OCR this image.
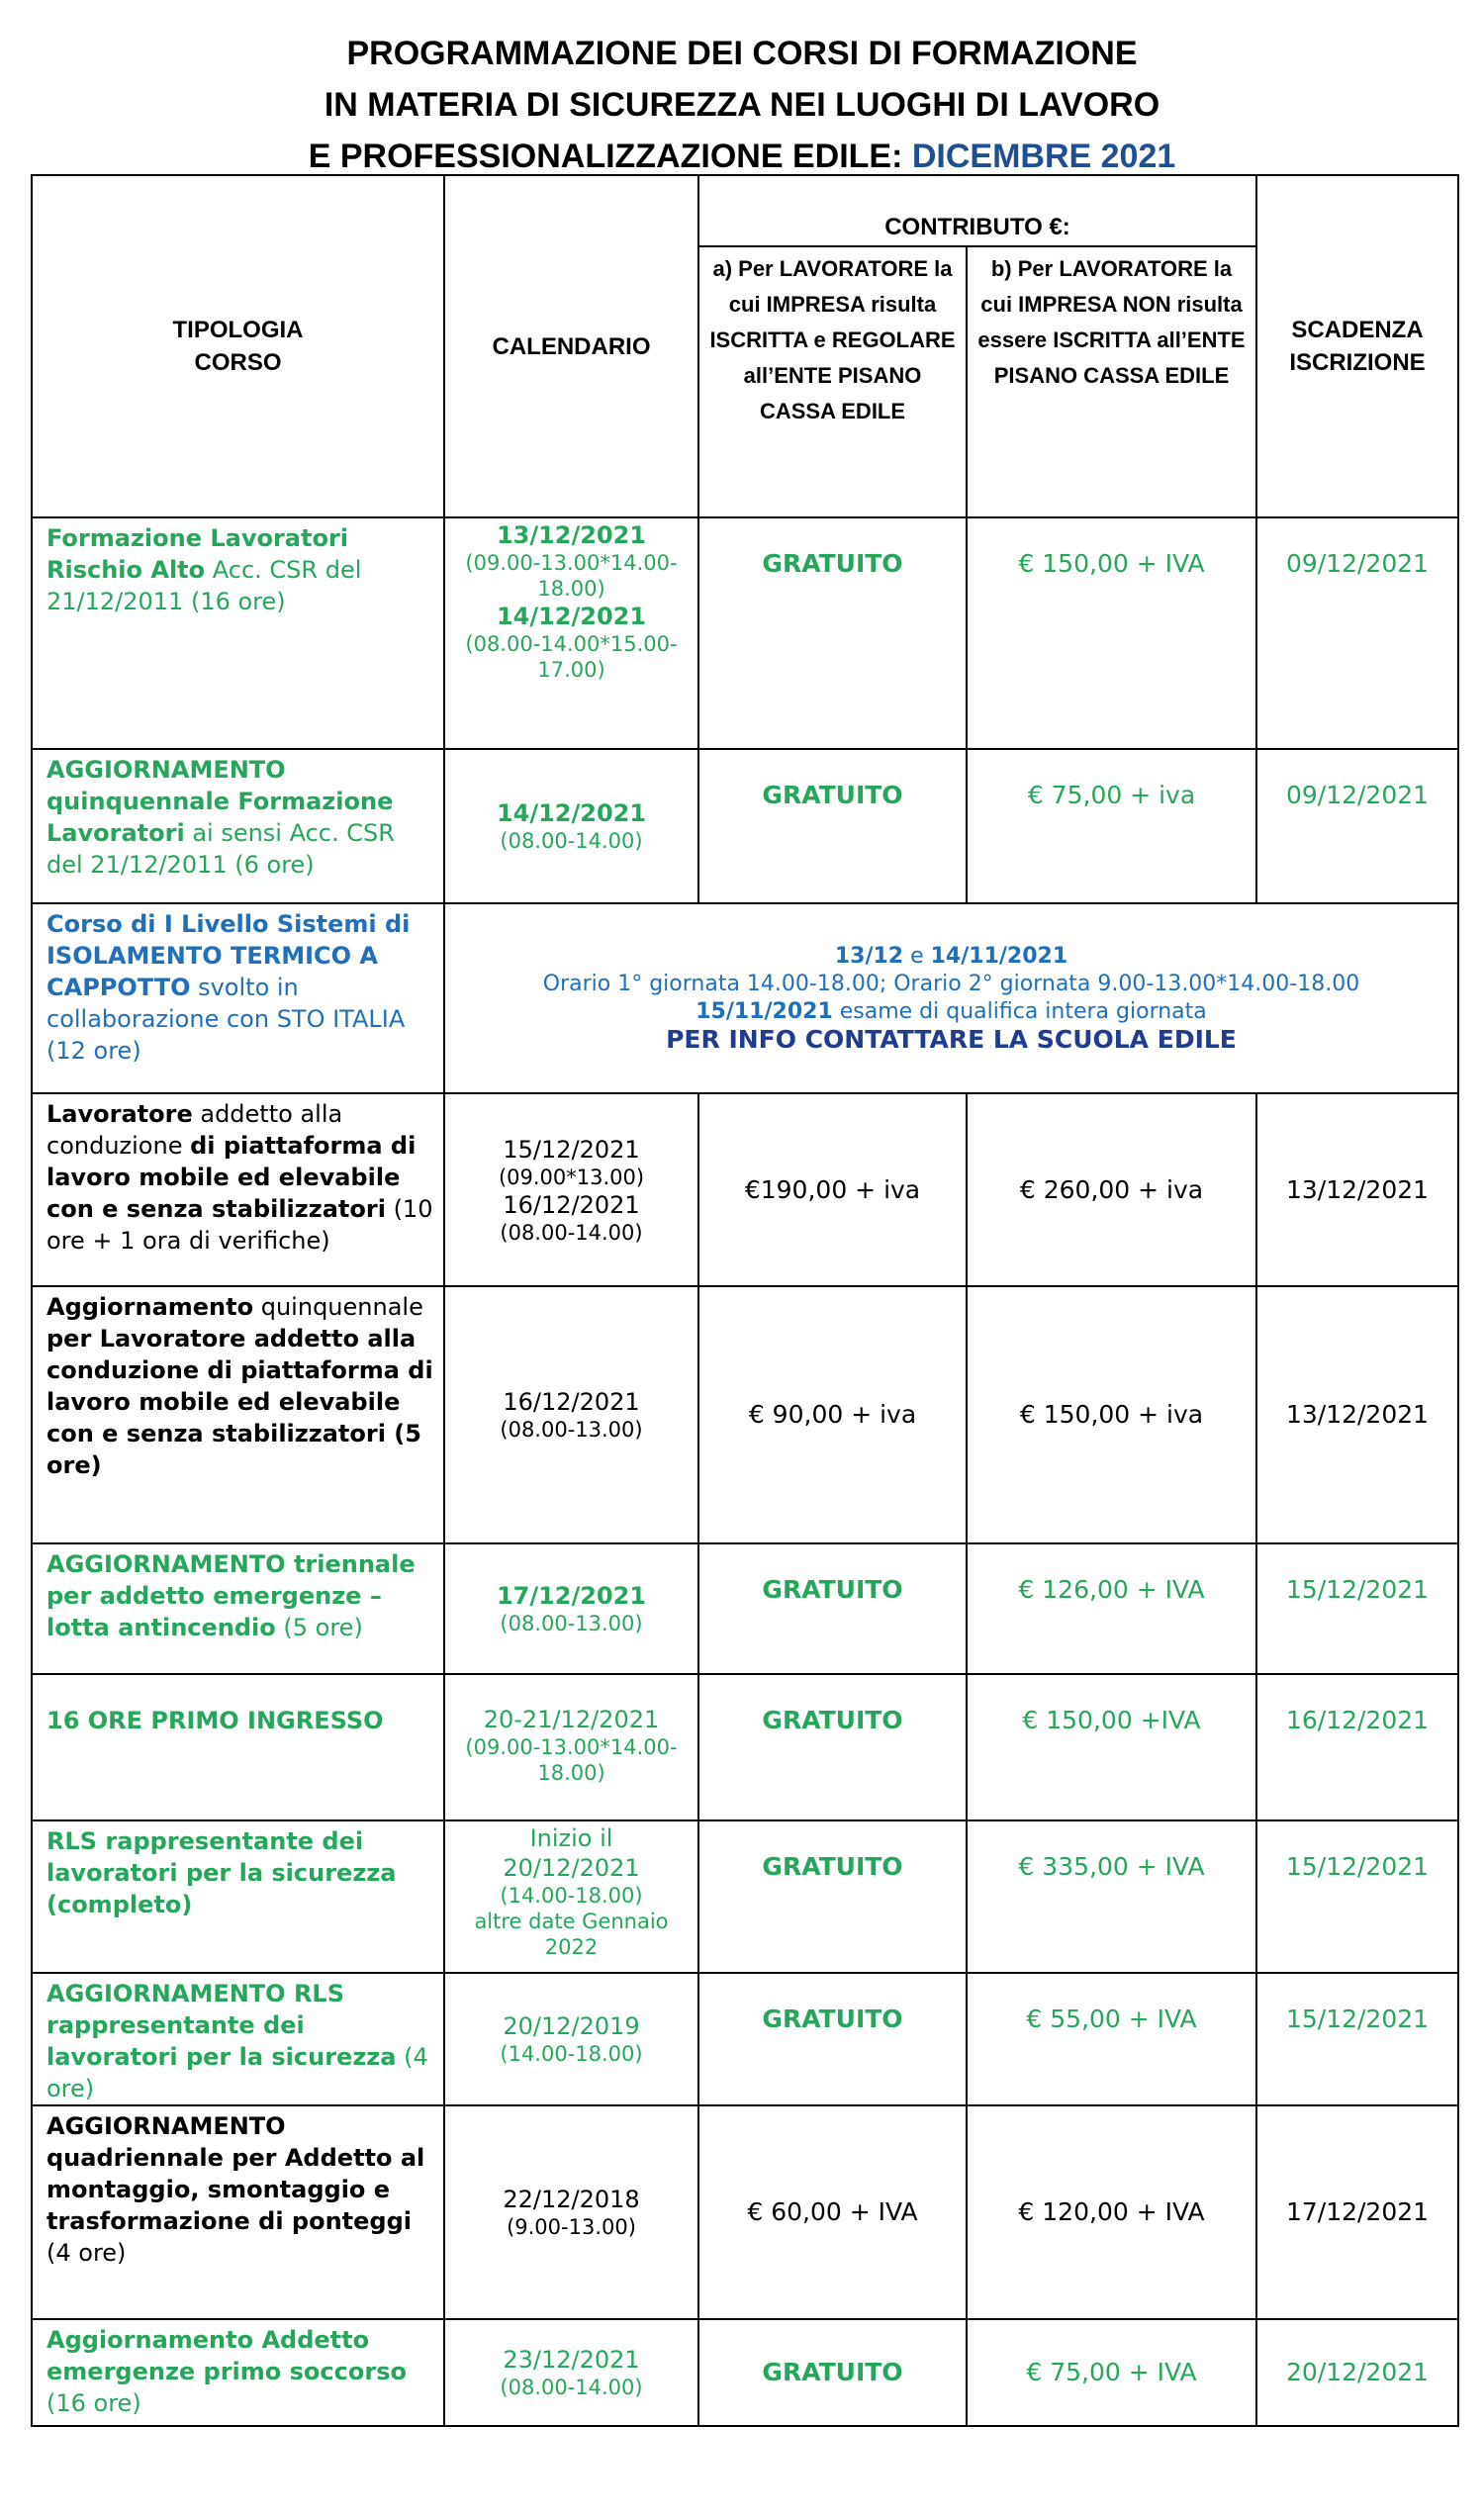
PROGRAMMAZIONE DEI CORSI DI FORMAZIONE
IN MATERIA DI SICUREZZA NEI LUOGHI DI LAVORO
E PROFESSIONALIZZAZIONE EDILE: DICEMBRE 2021
TIPOLOGIA CORSO	CALENDARIO	CONTRIBUTO €:		SCADENZA ISCRIZIONE

		a) Per LAVORATORE la cui IMPRESA risulta ISCRITTA e REGOLARE all’ENTE PISANO CASSA EDILE	b) Per LAVORATORE la cui IMPRESA NON risulta essere ISCRITTA all’ENTE PISANO CASSA EDILE	
Formazione Lavoratori Rischio Alto Acc. CSR del 21/12/2011 (16 ore)	13/12/2021
(09.00-13.00*14.00-18.00)
14/12/2021
(08.00-14.00*15.00-17.00)	GRATUITO	€ 150,00 + IVA	09/12/2021
AGGIORNAMENTO quinquennale Formazione Lavoratori ai sensi Acc. CSR del 21/12/2011 (6 ore)	14/12/2021
(08.00-14.00)	GRATUITO	€ 75,00 + iva	09/12/2021
Corso di I Livello Sistemi di ISOLAMENTO TERMICO A CAPPOTTO svolto in collaborazione con STO ITALIA (12 ore)	13/12 e 14/11/2021
Orario 1° giornata 14.00-18.00; Orario 2° giornata 9.00-13.00*14.00-18.00
15/11/2021 esame di qualifica intera giornata
PER INFO CONTATTARE LA SCUOLA EDILE			

Lavoratore addetto alla conduzione di piattaforma di lavoro mobile ed elevabile con e senza stabilizzatori (10 ore + 1 ora di verifiche)	15/12/2021
(09.00*13.00)
16/12/2021
(08.00-14.00)	€190,00 + iva	€ 260,00 + iva	13/12/2021
Aggiornamento quinquennale per Lavoratore addetto alla conduzione di piattaforma di lavoro mobile ed elevabile con e senza stabilizzatori (5 ore)	16/12/2021
(08.00-13.00)	€ 90,00 + iva	€ 150,00 + iva	13/12/2021
AGGIORNAMENTO triennale per addetto emergenze –lotta antincendio (5 ore)	17/12/2021
(08.00-13.00)	GRATUITO	€ 126,00 + IVA	15/12/2021
16 ORE PRIMO INGRESSO	20-21/12/2021
(09.00-13.00*14.00-18.00)	GRATUITO	€ 150,00 +IVA	16/12/2021
RLS rappresentante dei lavoratori per la sicurezza (completo)	Inizio il
20/12/2021
(14.00-18.00)
altre date Gennaio 2022	GRATUITO	€ 335,00 + IVA	15/12/2021
AGGIORNAMENTO RLS rappresentante dei lavoratori per la sicurezza (4 ore)	20/12/2019
(14.00-18.00)	GRATUITO	€ 55,00 + IVA	15/12/2021
AGGIORNAMENTO quadriennale per Addetto al montaggio, smontaggio e trasformazione di ponteggi (4 ore)	22/12/2018
(9.00-13.00)	€ 60,00 + IVA	€ 120,00 + IVA	17/12/2021
Aggiornamento Addetto emergenze primo soccorso (16 ore)	23/12/2021
(08.00-14.00)	GRATUITO	€ 75,00 + IVA	20/12/2021
